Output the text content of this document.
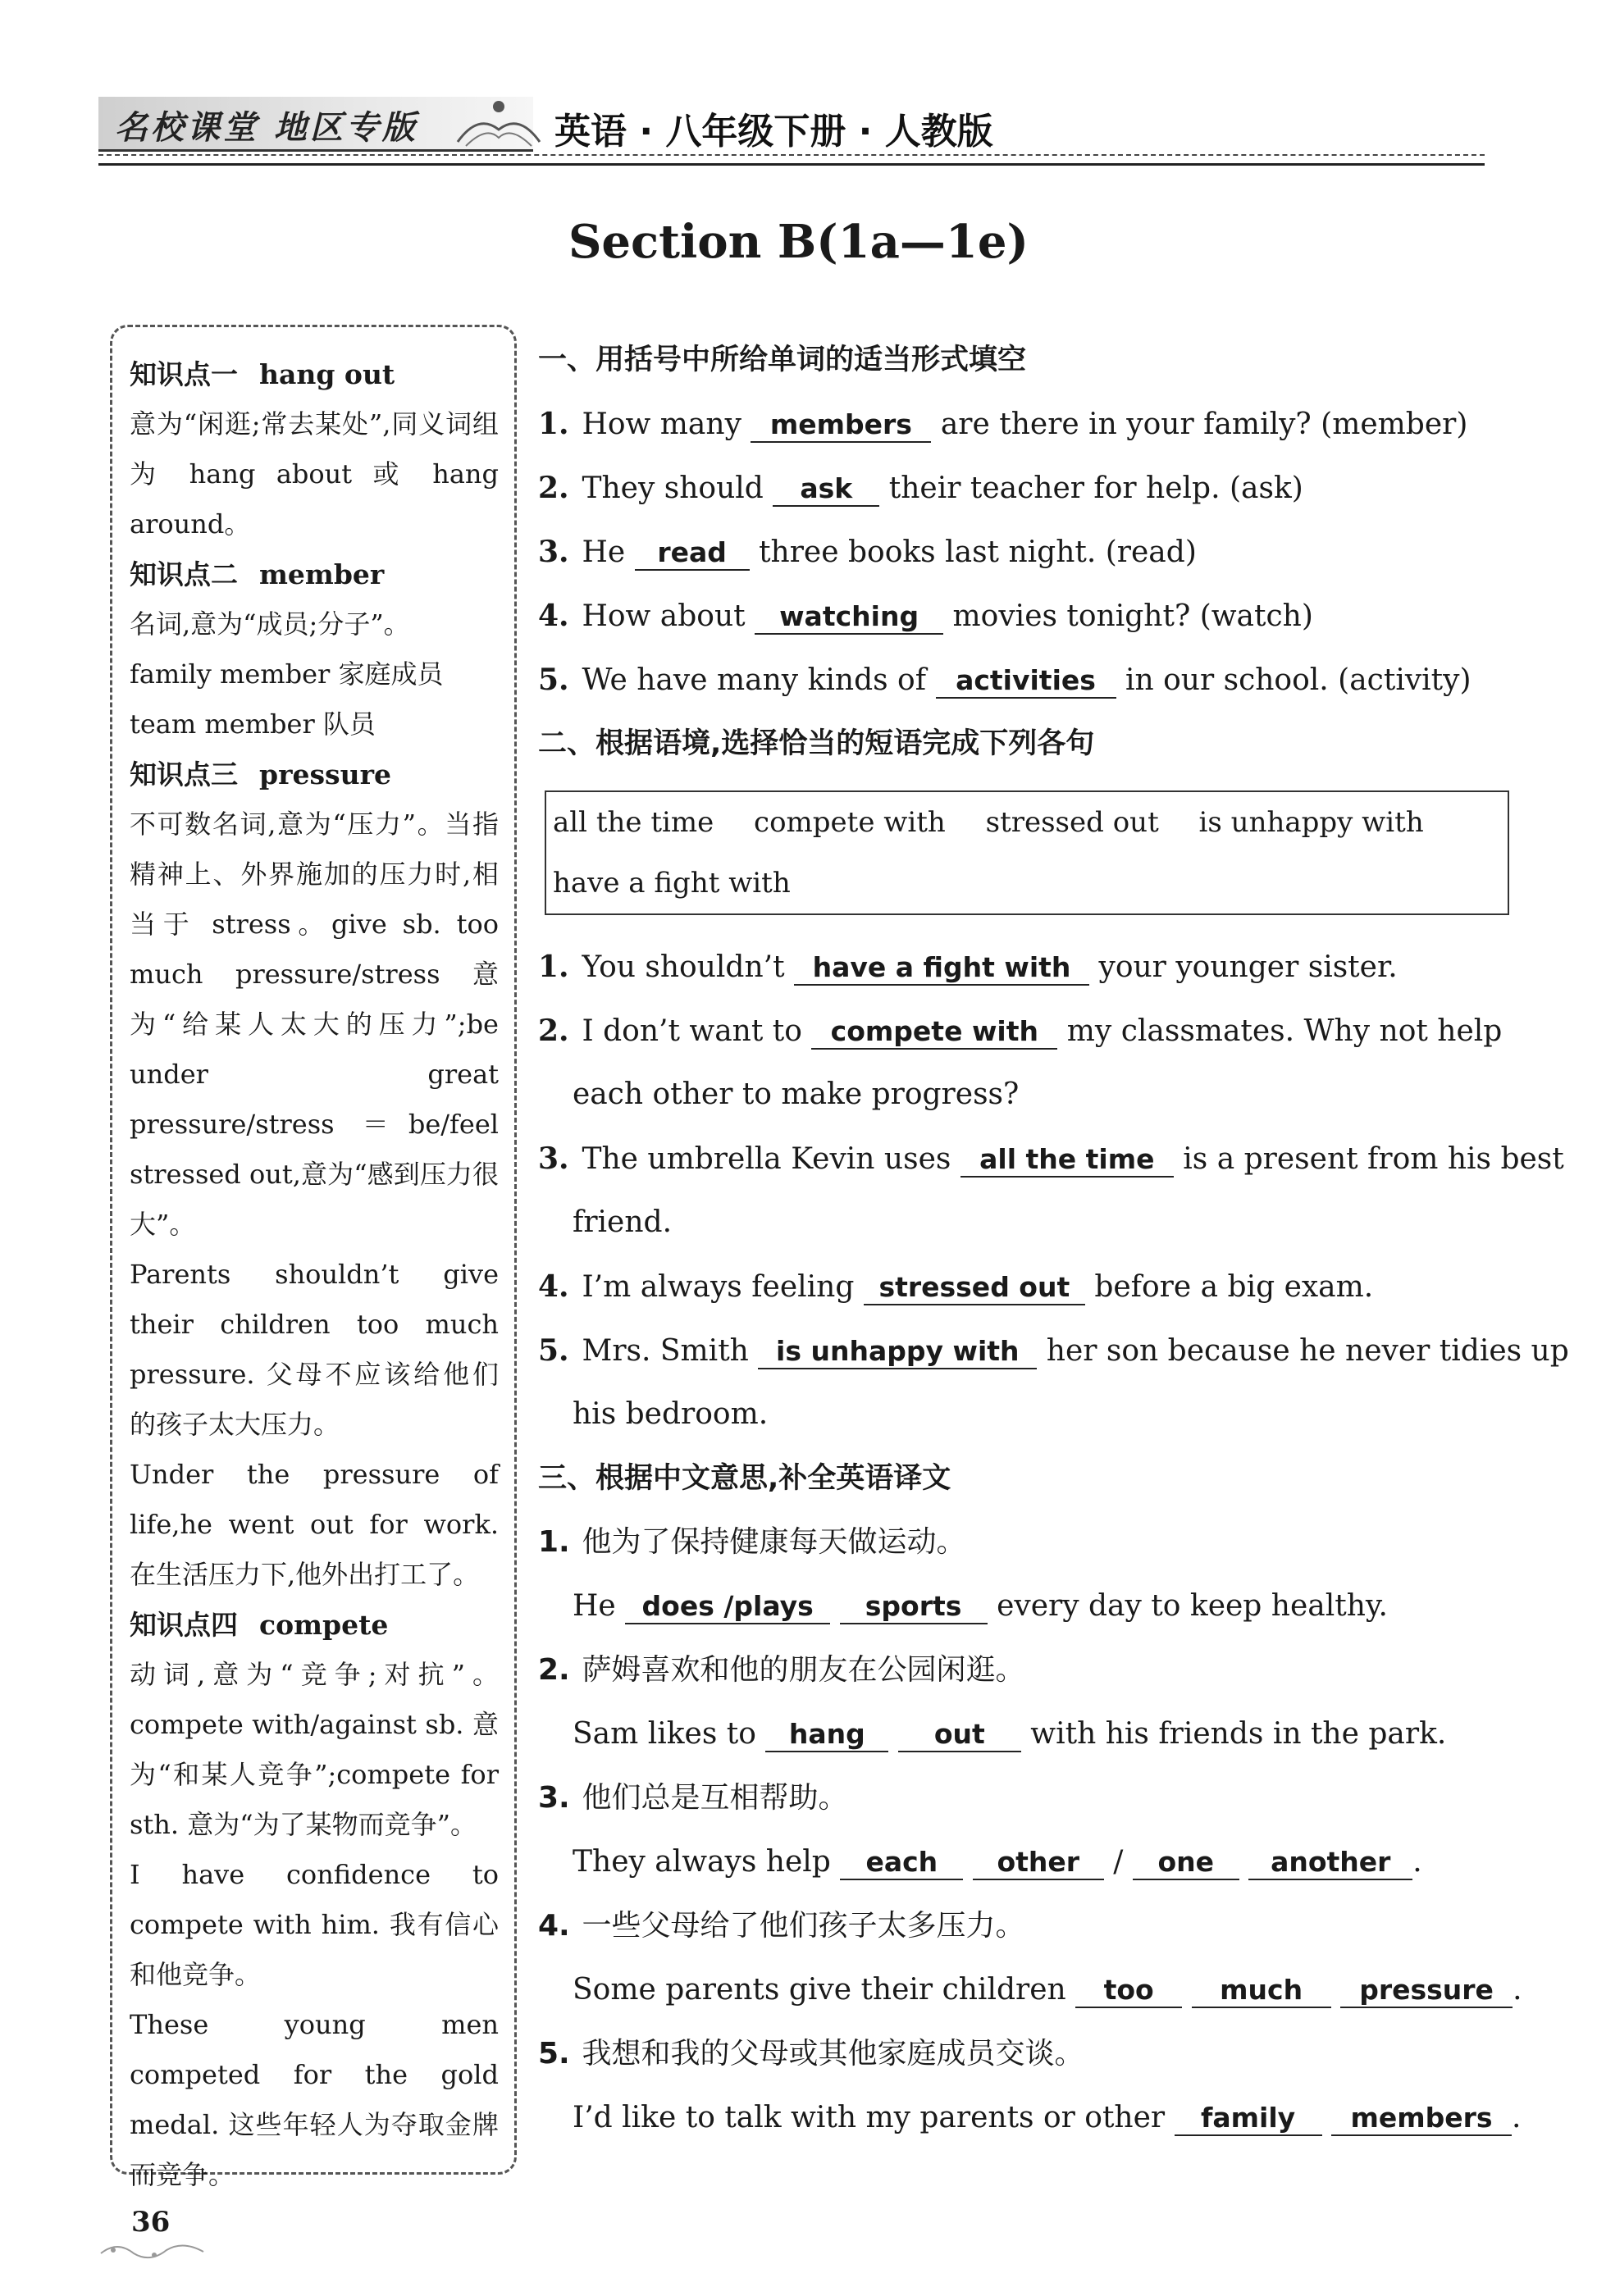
名校课堂 地区专版	英语 · 八年级下册 · 人教版
Section B(1a—1e)
知识点一 hang out
意为“闲逛;常去某处”,同义词组为 hang about 或 hang around。
知识点二 member
名词,意为“成员;分子”。
family member 家庭成员
team member 队员
知识点三 pressure
不可数名词,意为“压力”。当指精神上、外界施加的压力时,相当于 stress。give sb. too much pressure/stress 意为“给某人太大的压力”;be under great pressure/stress ＝be/feel stressed out,意为“感到压力很大”。
Parents shouldn’t give their children too much pressure. 父母不应该给他们的孩子太大压力。
Under the pressure of life,he went out for work. 在生活压力下,他外出打工了。
知识点四 compete
动词,意为“竞争;对抗”。compete with/against sb. 意为“和某人竞争”;compete for sth. 意为“为了某物而竞争”。
I have confidence to compete with him. 我有信心和他竞争。
These young men competed for the gold medal. 这些年轻人为夺取金牌而竞争。
一、用括号中所给单词的适当形式填空
1. How many members are there in your family? (member)
2. They should ask their teacher for help. (ask)
3. He read three books last night. (read)
4. How about watching movies tonight? (watch)
5. We have many kinds of activities in our school. (activity)
二、根据语境,选择恰当的短语完成下列各句
all the time compete with stressed out is unhappy with have a fight with
1. You shouldn’t have a fight with your younger sister.
2. I don’t want to compete with my classmates. Why not help
each other to make progress?
3. The umbrella Kevin uses all the time is a present from his best
friend.
4. I’m always feeling stressed out before a big exam.
5. Mrs. Smith is unhappy with her son because he never tidies up
his bedroom.
三、根据中文意思,补全英语译文
1. 他为了保持健康每天做运动。
He does /plays sports every day to keep healthy.
2. 萨姆喜欢和他的朋友在公园闲逛。
Sam likes to hang	out with his friends in the park.
3. 他们总是互相帮助。
They always help each other / one another .
4. 一些父母给了他们孩子太多压力。
Some parents give their children too much pressure .
5. 我想和我的父母或其他家庭成员交谈。
I’d like to talk with my parents or other family members .
36
